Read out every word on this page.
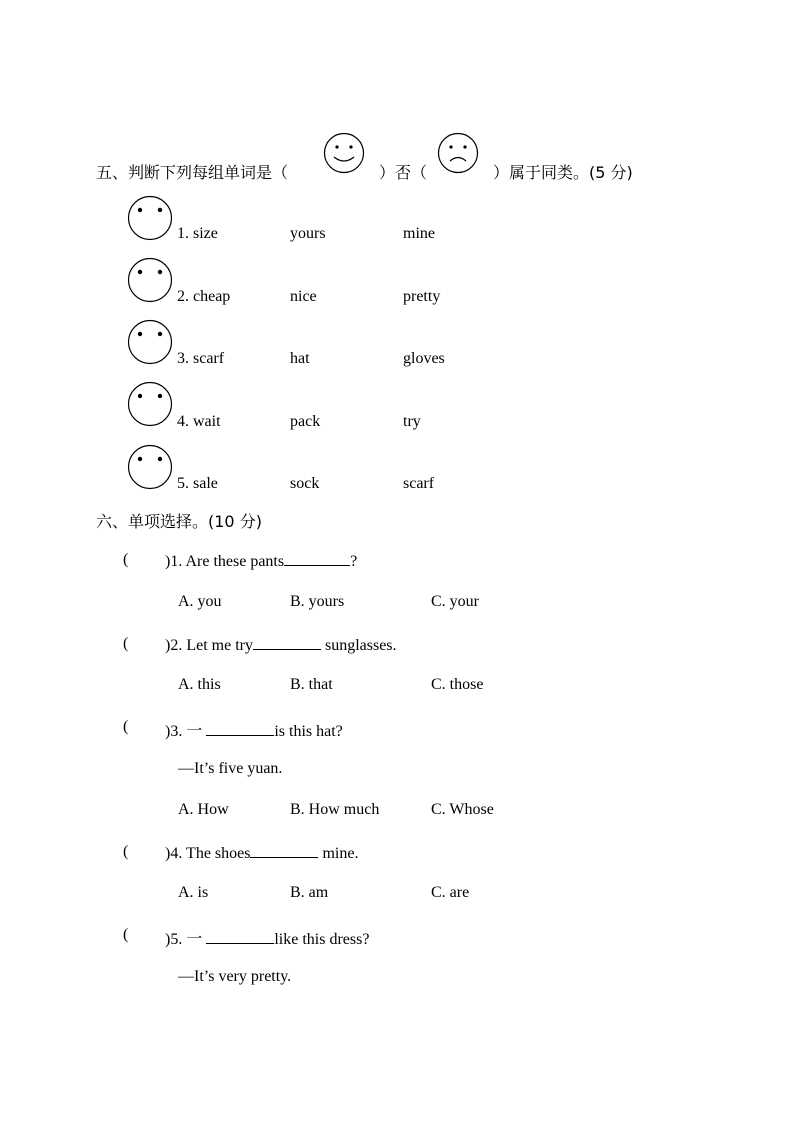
五、判断下列每组单词是（	）否（	）属于同类。(5 分)
1. size	yours	mine
2. cheap	nice	pretty
3. scarf	hat	gloves
4. wait	pack	try
5. sale	sock	scarf
六、单项选择。(10 分)
( )1. Are these pants	?
A. you	B. yours	C. your
( )2. Let me try	sunglasses.
A. this	B. that	C. those
( )3. 一	is this hat?
—It’s five yuan.
A. How	B. How much	C. Whose
( )4. The shoes	mine.
A. is	B. am	C. are
( )5. 一	like this dress?
—It’s very pretty.
